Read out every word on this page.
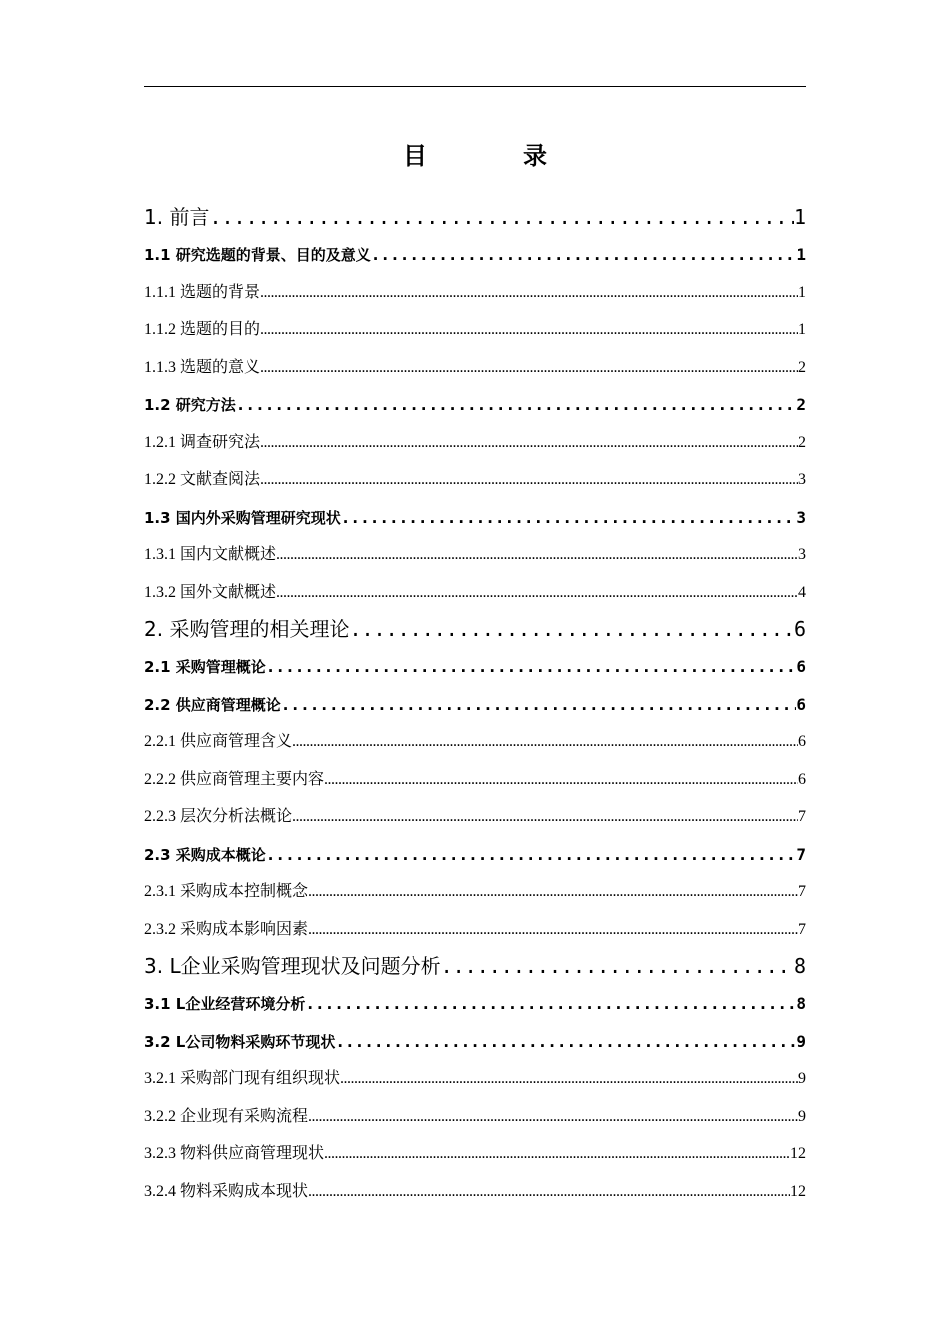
目　录
1. 前言 .....	1
1.1 研究选题的背景、目的及意义 .....	1
1.1.1 选题的背景 .....	1
1.1.2 选题的目的 .....	1
1.1.3 选题的意义 .....	2
1.2 研究方法 .....	2
1.2.1 调查研究法 .....	2
1.2.2 文献查阅法 .....	3
1.3 国内外采购管理研究现状 .....	3
1.3.1 国内文献概述 .....	3
1.3.2 国外文献概述 .....	4
2. 采购管理的相关理论 .....	6
2.1 采购管理概论 .....	6
2.2 供应商管理概论 .....	6
2.2.1 供应商管理含义 .....	6
2.2.2 供应商管理主要内容 .....	6
2.2.3 层次分析法概论 .....	7
2.3 采购成本概论 .....	7
2.3.1 采购成本控制概念 .....	7
2.3.2 采购成本影响因素 .....	7
3. L企业采购管理现状及问题分析 .....	8
3.1 L企业经营环境分析 .....	8
3.2 L公司物料采购环节现状 .....	9
3.2.1 采购部门现有组织现状 .....	9
3.2.2 企业现有采购流程 .....	9
3.2.3 物料供应商管理现状 .....	12
3.2.4 物料采购成本现状 .....	12
